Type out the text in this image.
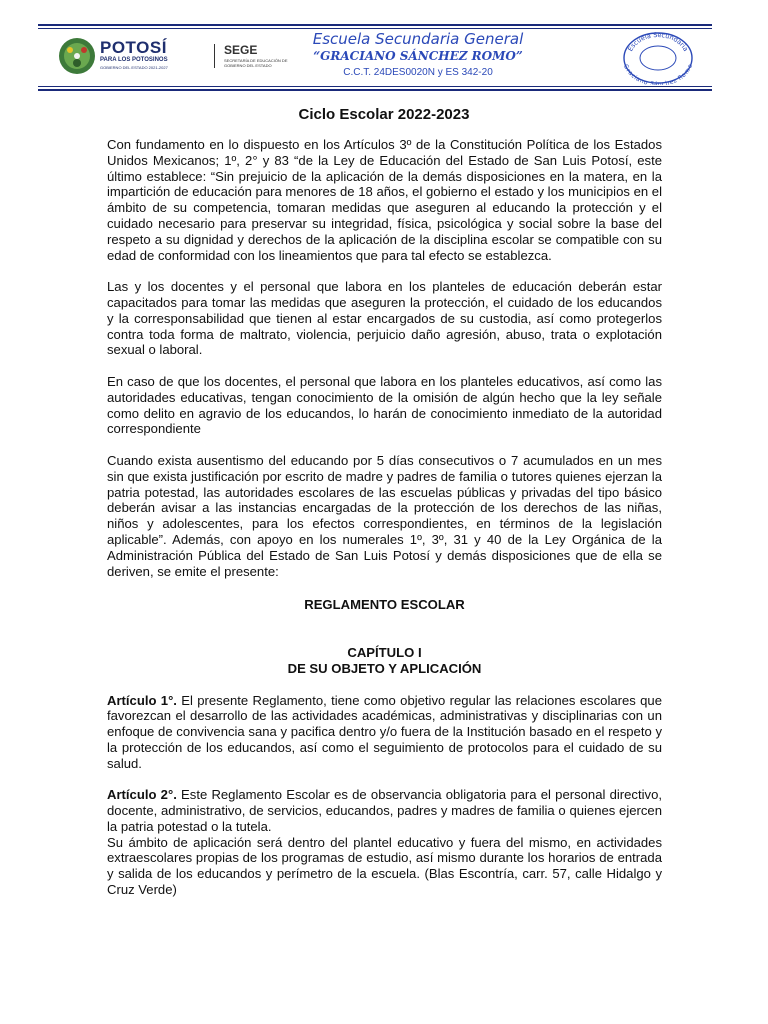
POTOSÍ
PARA LOS POTOSINOS
GOBIERNO DEL ESTADO 2021-2027
SEGE
SECRETARÍA DE EDUCACIÓN DE GOBIERNO DEL ESTADO
Escuela Secundaria General
“GRACIANO SÁNCHEZ ROMO”
C.C.T. 24DES0020N y ES 342-20
Escuela Secundaria
Graciano Sánchez Romo
Ciclo Escolar 2022-2023

Con fundamento en lo dispuesto en los Artículos 3º de la Constitución Política de los Estados Unidos Mexicanos; 1º, 2° y 83 “de la Ley de Educación del Estado de San Luis Potosí, este último establece: “Sin prejuicio de la aplicación de la demás disposiciones en la matera, en la impartición de educación para menores de 18 años, el gobierno el estado y los municipios en el ámbito de su competencia, tomaran medidas que aseguren al educando la protección y el cuidado necesario para preservar su integridad, física, psicológica y social sobre la base del respeto a su dignidad y derechos de la aplicación de la disciplina escolar se compatible con su edad de conformidad con los lineamientos que para tal efecto se establezca.

Las y los docentes y el personal que labora en los planteles de educación deberán estar capacitados para tomar las medidas que aseguren la protección, el cuidado de los educandos y la corresponsabilidad que tienen al estar encargados de su custodia, así como protegerlos contra toda forma de maltrato, violencia, perjuicio daño agresión, abuso, trata o explotación sexual o laboral.

En caso de que los docentes, el personal que labora en los planteles educativos, así como las autoridades educativas, tengan conocimiento de la omisión de algún hecho que la ley señale como delito en agravio de los educandos, lo harán de conocimiento inmediato de la autoridad correspondiente

Cuando exista ausentismo del educando por 5 días consecutivos o 7 acumulados en un mes sin que exista justificación por escrito de madre y padres de familia o tutores quienes ejerzan la patria potestad, las autoridades escolares de las escuelas públicas y privadas del tipo básico deberán avisar a las instancias encargadas de la protección de los derechos de las niñas, niños y adolescentes, para los efectos correspondientes, en términos de la legislación aplicable”. Además, con apoyo en los numerales 1º, 3º, 31 y 40 de la Ley Orgánica de la Administración Pública del Estado de San Luis Potosí y demás disposiciones que de ella se deriven, se emite el presente:

REGLAMENTO ESCOLAR

CAPÍTULO I

DE SU OBJETO Y APLICACIÓN

Artículo 1°. El presente Reglamento, tiene como objetivo regular las relaciones escolares que favorezcan el desarrollo de las actividades académicas, administrativas y disciplinarias con un enfoque de convivencia sana y pacifica dentro y/o fuera de la Institución basado en el respeto y la protección de los educandos, así como el seguimiento de protocolos para el cuidado de su salud.

Artículo 2°. Este Reglamento Escolar es de observancia obligatoria para el personal directivo, docente, administrativo, de servicios, educandos, padres y madres de familia o quienes ejercen la patria potestad o la tutela.

Su ámbito de aplicación será dentro del plantel educativo y fuera del mismo, en actividades extraescolares propias de los programas de estudio, así mismo durante los horarios de entrada y salida de los educandos y perímetro de la escuela. (Blas Escontría, carr. 57, calle Hidalgo y Cruz Verde)
